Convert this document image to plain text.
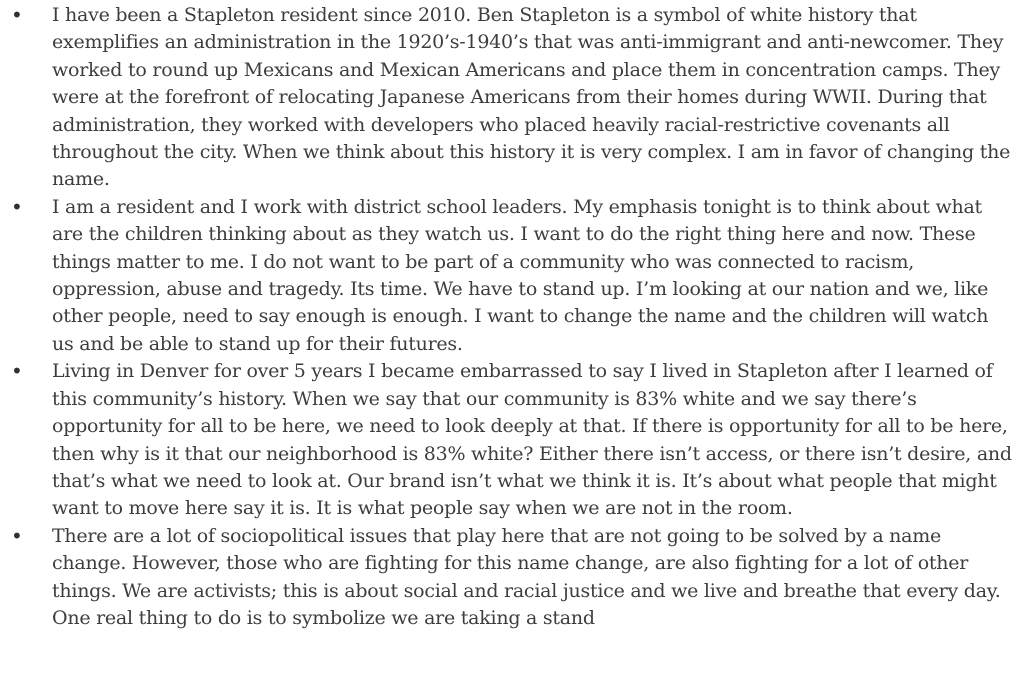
• I have been a Stapleton resident since 2010. Ben Stapleton is a symbol of white history that exemplifies an administration in the 1920’s-1940’s that was anti-immigrant and anti-newcomer. They worked to round up Mexicans and Mexican Americans and place them in concentration camps. They were at the forefront of relocating Japanese Americans from their homes during WWII. During that administration, they worked with developers who placed heavily racial-restrictive covenants all throughout the city. When we think about this history it is very complex. I am in favor of changing the name.

• I am a resident and I work with district school leaders. My emphasis tonight is to think about what are the children thinking about as they watch us. I want to do the right thing here and now. These things matter to me. I do not want to be part of a community who was connected to racism, oppression, abuse and tragedy. Its time. We have to stand up. I’m looking at our nation and we, like other people, need to say enough is enough. I want to change the name and the children will watch us and be able to stand up for their futures.

• Living in Denver for over 5 years I became embarrassed to say I lived in Stapleton after I learned of this community’s history. When we say that our community is 83% white and we say there’s opportunity for all to be here, we need to look deeply at that. If there is opportunity for all to be here, then why is it that our neighborhood is 83% white? Either there isn’t access, or there isn’t desire, and that’s what we need to look at. Our brand isn’t what we think it is. It’s about what people that might want to move here say it is. It is what people say when we are not in the room.

• There are a lot of sociopolitical issues that play here that are not going to be solved by a name change. However, those who are fighting for this name change, are also fighting for a lot of other things. We are activists; this is about social and racial justice and we live and breathe that every day. One real thing to do is to symbolize we are taking a stand
